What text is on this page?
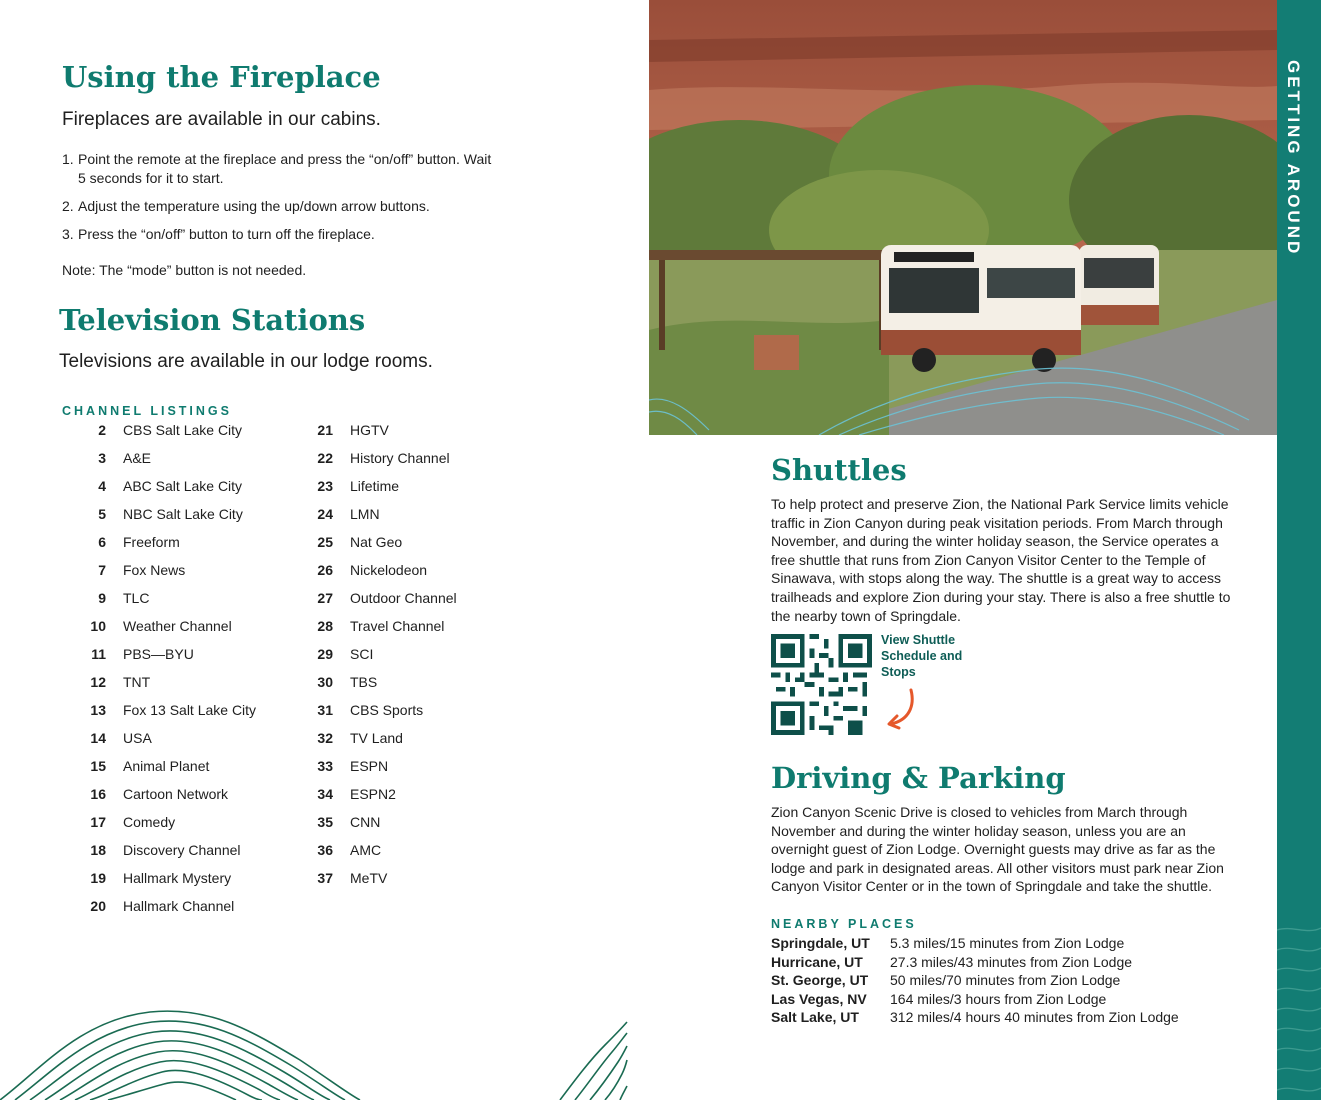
Using the Fireplace
Fireplaces are available in our cabins.
1. Point the remote at the fireplace and press the “on/off” button. Wait 5 seconds for it to start.
2. Adjust the temperature using the up/down arrow buttons.
3. Press the “on/off” button to turn off the fireplace.
Note: The “mode” button is not needed.
Television Stations
Televisions are available in our lodge rooms.
CHANNEL LISTINGS
2 CBS Salt Lake City
3 A&E
4 ABC Salt Lake City
5 NBC Salt Lake City
6 Freeform
7 Fox News
9 TLC
10 Weather Channel
11 PBS—BYU
12 TNT
13 Fox 13 Salt Lake City
14 USA
15 Animal Planet
16 Cartoon Network
17 Comedy
18 Discovery Channel
19 Hallmark Mystery
20 Hallmark Channel
21 HGTV
22 History Channel
23 Lifetime
24 LMN
25 Nat Geo
26 Nickelodeon
27 Outdoor Channel
28 Travel Channel
29 SCI
30 TBS
31 CBS Sports
32 TV Land
33 ESPN
34 ESPN2
35 CNN
36 AMC
37 MeTV
GETTING AROUND
Shuttles

To help protect and preserve Zion, the National Park Service limits vehicle traffic in Zion Canyon during peak visitation periods. From March through November, and during the winter holiday season, the Service operates a free shuttle that runs from Zion Canyon Visitor Center to the Temple of Sinawava, with stops along the way. The shuttle is a great way to access trailheads and explore Zion during your stay. There is also a free shuttle to the nearby town of Springdale.

View Shuttle Schedule and Stops
Driving & Parking

Zion Canyon Scenic Drive is closed to vehicles from March through November and during the winter holiday season, unless you are an overnight guest of Zion Lodge. Overnight guests may drive as far as the lodge and park in designated areas. All other visitors must park near Zion Canyon Visitor Center or in the town of Springdale and take the shuttle.

NEARBY PLACES
Springdale, UT 5.3 miles/15 minutes from Zion Lodge
Hurricane, UT 27.3 miles/43 minutes from Zion Lodge
St. George, UT 50 miles/70 minutes from Zion Lodge
Las Vegas, NV 164 miles/3 hours from Zion Lodge
Salt Lake, UT 312 miles/4 hours 40 minutes from Zion Lodge
